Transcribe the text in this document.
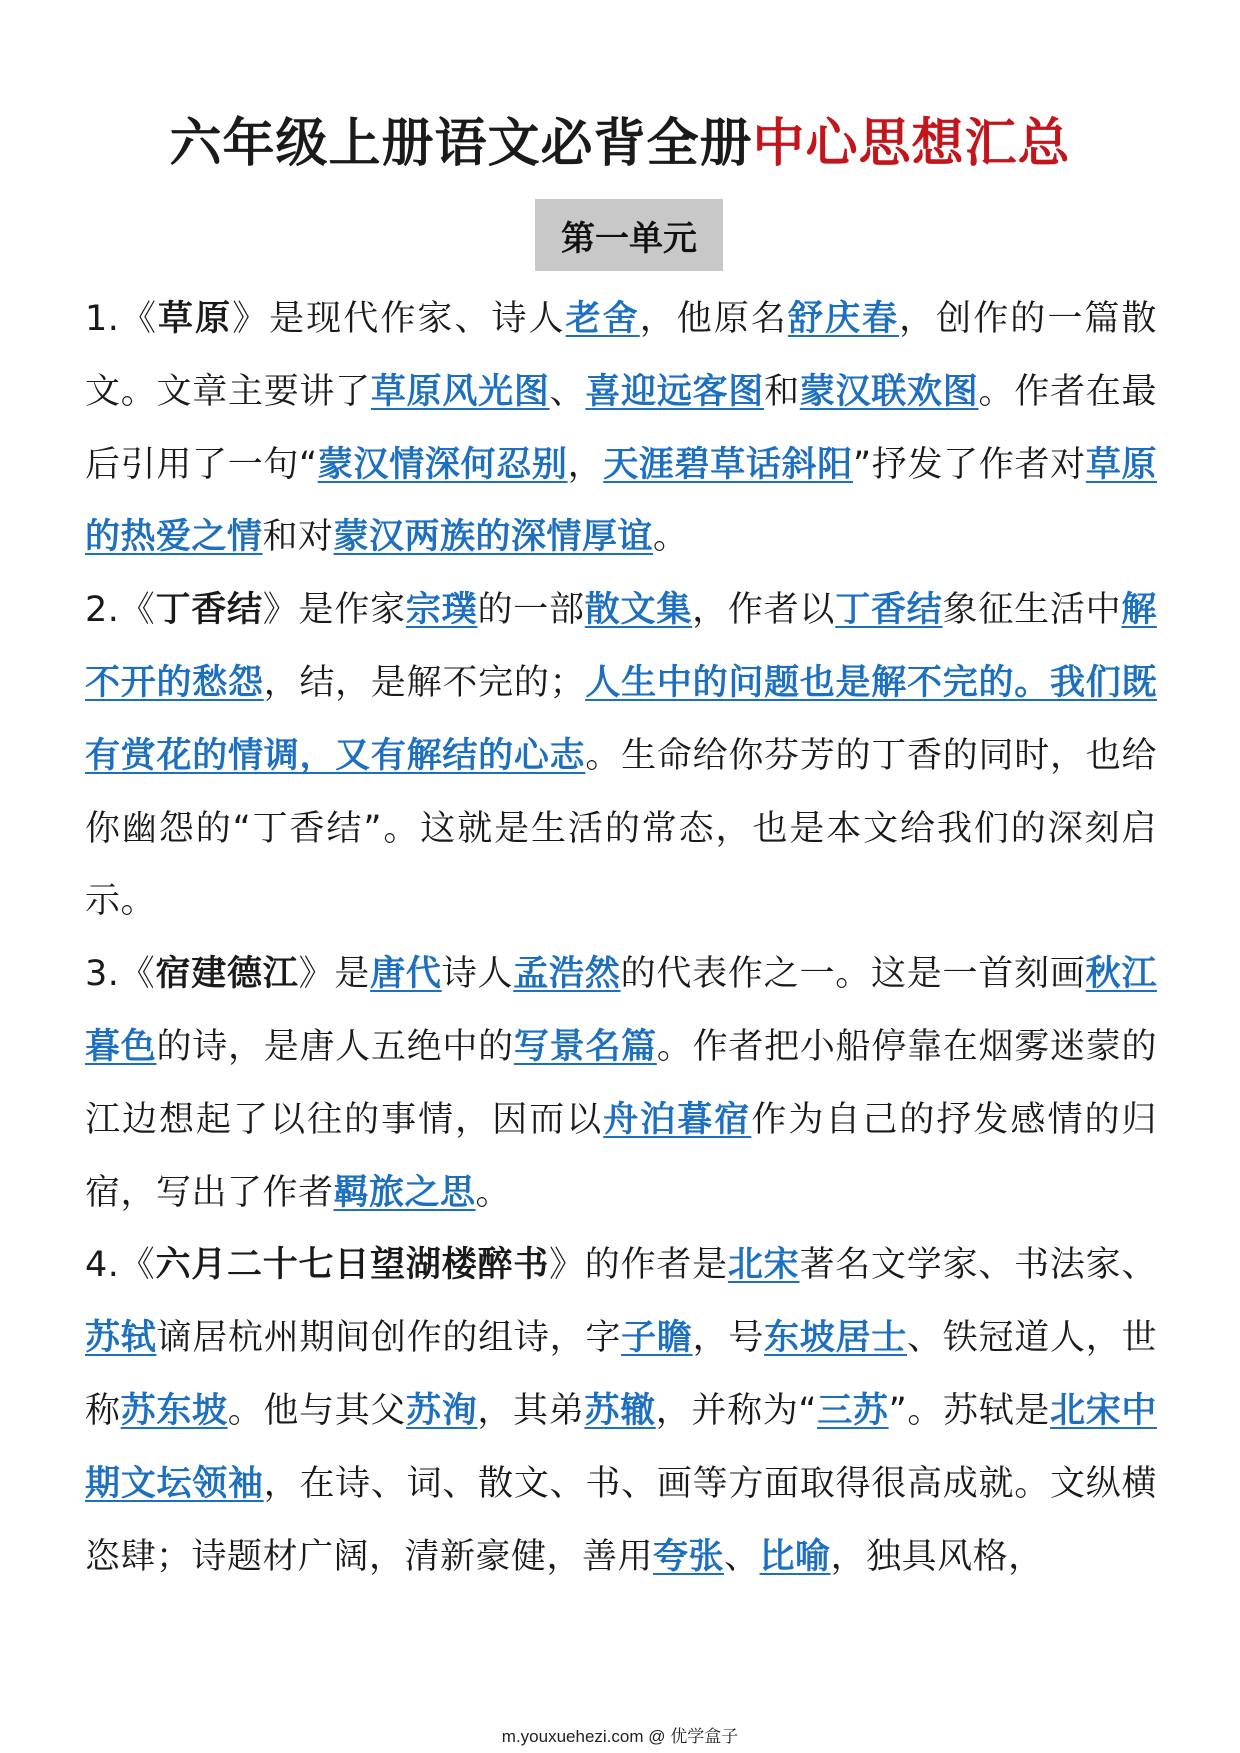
六年级上册语文必背全册中心思想汇总
第一单元

1.《草原》是现代作家、诗人老舍，他原名舒庆春，创作的一篇散文。文章主要讲了草原风光图、喜迎远客图和蒙汉联欢图。作者在最后引用了一句“蒙汉情深何忍别，天涯碧草话斜阳”抒发了作者对草原的热爱之情和对蒙汉两族的深情厚谊。

2.《丁香结》是作家宗璞的一部散文集，作者以丁香结象征生活中解不开的愁怨，结，是解不完的；人生中的问题也是解不完的。我们既有赏花的情调，又有解结的心志。生命给你芬芳的丁香的同时，也给你幽怨的“丁香结”。这就是生活的常态，也是本文给我们的深刻启示。

3.《宿建德江》是唐代诗人孟浩然的代表作之一。这是一首刻画秋江暮色的诗，是唐人五绝中的写景名篇。作者把小船停靠在烟雾迷蒙的江边想起了以往的事情，因而以舟泊暮宿作为自己的抒发感情的归宿，写出了作者羁旅之思。

4.《六月二十七日望湖楼醉书》的作者是北宋著名文学家、书法家、苏轼谪居杭州期间创作的组诗，字子瞻，号东坡居士、铁冠道人，世称苏东坡。他与其父苏洵，其弟苏辙，并称为“三苏”。苏轼是北宋中期文坛领袖，在诗、词、散文、书、画等方面取得很高成就。文纵横恣肆；诗题材广阔，清新豪健，善用夸张、比喻，独具风格，

m.youxuehezi.com @ 优学盒子
